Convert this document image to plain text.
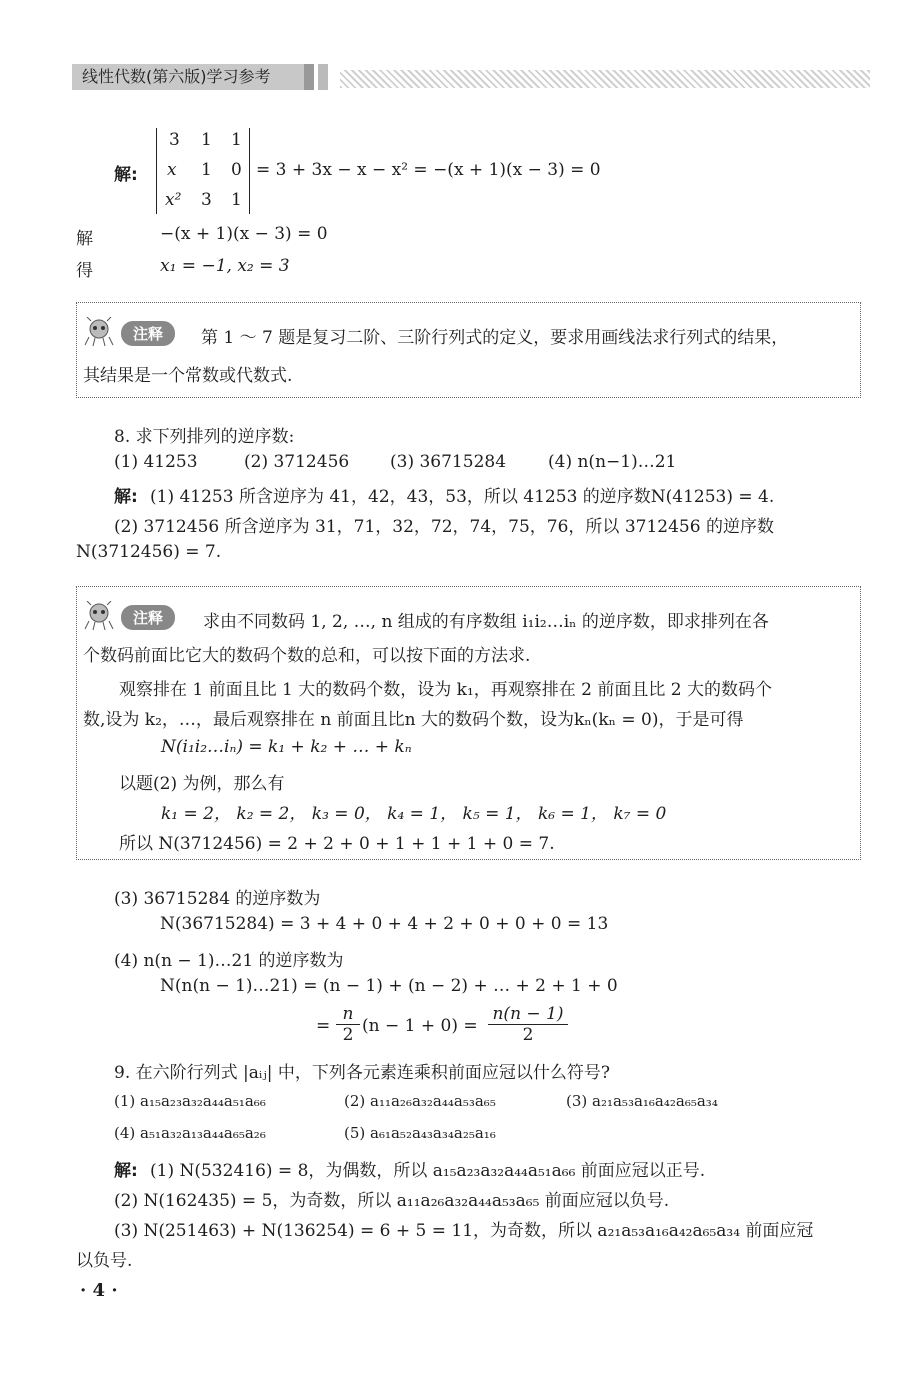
线性代数(第六版)学习参考
解:
3 1 1
x 1 0
x² 3 1
= 3 + 3x − x − x² = −(x + 1)(x − 3) = 0
解	−(x + 1)(x − 3) = 0
得	x₁ = −1, x₂ = 3
注释	第 1 ～ 7 题是复习二阶、三阶行列式的定义，要求用画线法求行列式的结果，
其结果是一个常数或代数式.
8. 求下列排列的逆序数:
(1) 41253	(2) 3712456 (3) 36715284 (4) n(n−1)…21
解: (1) 41253 所含逆序为 41，42，43，53，所以 41253 的逆序数N(41253) = 4.
(2) 3712456 所含逆序为 31，71，32，72，74，75，76，所以 3712456 的逆序数
N(3712456) = 7.
注释	求由不同数码 1, 2, …, n 组成的有序数组 i₁i₂…iₙ 的逆序数，即求排列在各
个数码前面比它大的数码个数的总和，可以按下面的方法求.
观察排在 1 前面且比 1 大的数码个数，设为 k₁，再观察排在 2 前面且比 2 大的数码个
数,设为 k₂，…，最后观察排在 n 前面且比n 大的数码个数，设为kₙ(kₙ = 0)，于是可得
N(i₁i₂…iₙ) = k₁ + k₂ + … + kₙ
以题(2) 为例，那么有
k₁ = 2， k₂ = 2， k₃ = 0， k₄ = 1， k₅ = 1， k₆ = 1， k₇ = 0
所以 N(3712456) = 2 + 2 + 0 + 1 + 1 + 1 + 0 = 7.
(3) 36715284 的逆序数为
N(36715284) = 3 + 4 + 0 + 4 + 2 + 0 + 0 + 0 = 13
(4) n(n − 1)…21 的逆序数为
N(n(n − 1)…21) = (n − 1) + (n − 2) + … + 2 + 1 + 0
= $\frac{n}{2} (n - 1 + 0) = \frac{n(n - 1)}{2}$
9. 在六阶行列式 |aᵢⱼ| 中，下列各元素连乘积前面应冠以什么符号?
(1) a₁₅a₂₃a₃₂a₄₄a₅₁a₆₆	(2) a₁₁a₂₆a₃₂a₄₄a₅₃a₆₅	(3) a₂₁a₅₃a₁₆a₄₂a₆₅a₃₄
(4) a₅₁a₃₂a₁₃a₄₄a₆₅a₂₆	(5) a₆₁a₅₂a₄₃a₃₄a₂₅a₁₆
解: (1) N(532416) = 8，为偶数，所以 a₁₅a₂₃a₃₂a₄₄a₅₁a₆₆ 前面应冠以正号.
(2) N(162435) = 5，为奇数，所以 a₁₁a₂₆a₃₂a₄₄a₅₃a₆₅ 前面应冠以负号.
(3) N(251463) + N(136254) = 6 + 5 = 11，为奇数，所以 a₂₁a₅₃a₁₆a₄₂a₆₅a₃₄ 前面应冠
以负号.
· 4 ·
